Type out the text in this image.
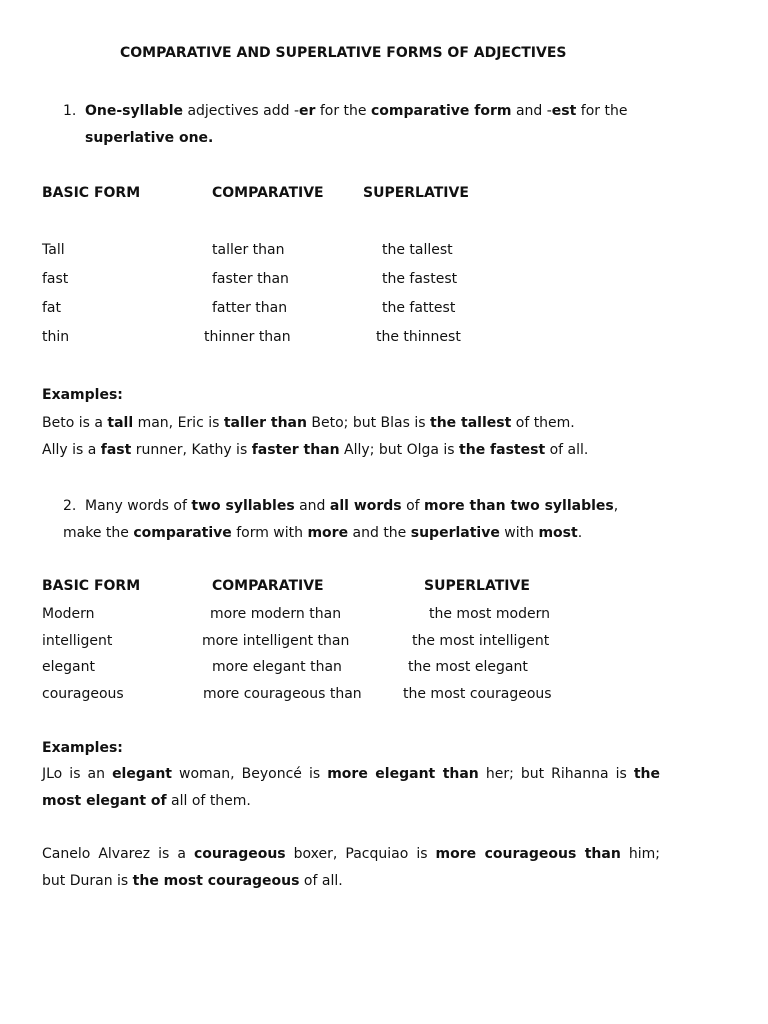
COMPARATIVE AND SUPERLATIVE FORMS OF ADJECTIVES
1. One-syllable adjectives add -er for the comparative form and -est for the
superlative one.
BASIC FORM	COMPARATIVE	SUPERLATIVE
Tall	taller than	the tallest
fast	faster than	the fastest
fat	fatter than	the fattest
thin	thinner than	the thinnest
Examples:
Beto is a tall man, Eric is taller than Beto; but Blas is the tallest of them.
Ally is a fast runner, Kathy is faster than Ally; but Olga is the fastest of all.
2. Many words of two syllables and all words of more than two syllables,
make the comparative form with more and the superlative with most.
BASIC FORM	COMPARATIVE	SUPERLATIVE
Modern	more modern than	the most modern
intelligent	more intelligent than	the most intelligent
elegant	more elegant than	the most elegant
courageous	more courageous than	the most courageous
Examples:
JLo is an elegant woman, Beyoncé is more elegant than her; but Rihanna is the
most elegant of all of them.
Canelo Alvarez is a courageous boxer, Pacquiao is more courageous than him;
but Duran is the most courageous of all.
